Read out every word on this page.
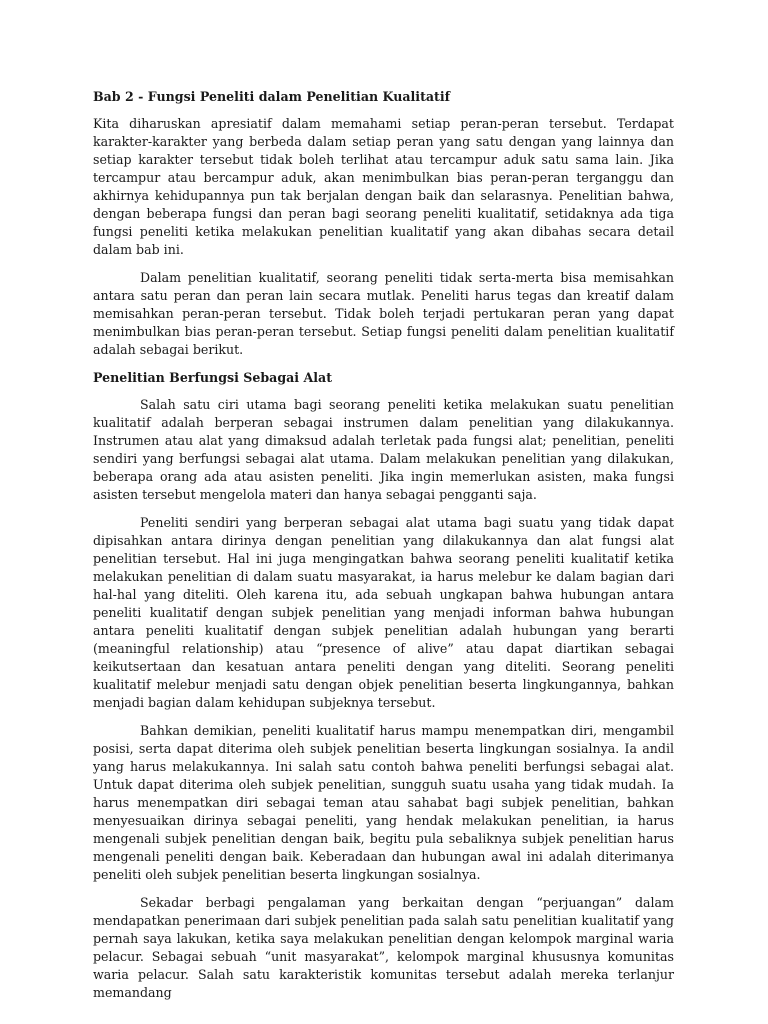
Bab 2 - Fungsi Peneliti dalam Penelitian Kualitatif

Kita diharuskan apresiatif dalam memahami setiap peran-peran tersebut. Terdapat karakter-karakter yang berbeda dalam setiap peran yang satu dengan yang lainnya dan setiap karakter tersebut tidak boleh terlihat atau tercampur aduk satu sama lain. Jika tercampur atau bercampur aduk, akan menimbulkan bias peran-peran terganggu dan akhirnya kehidupannya pun tak berjalan dengan baik dan selarasnya. Penelitian bahwa, dengan beberapa fungsi dan peran bagi seorang peneliti kualitatif, setidaknya ada tiga fungsi peneliti ketika melakukan penelitian kualitatif yang akan dibahas secara detail dalam bab ini.

Dalam penelitian kualitatif, seorang peneliti tidak serta-merta bisa memisahkan antara satu peran dan peran lain secara mutlak. Peneliti harus tegas dan kreatif dalam memisahkan peran-peran tersebut. Tidak boleh terjadi pertukaran peran yang dapat menimbulkan bias peran-peran tersebut. Setiap fungsi peneliti dalam penelitian kualitatif adalah sebagai berikut.

Penelitian Berfungsi Sebagai Alat

Salah satu ciri utama bagi seorang peneliti ketika melakukan suatu penelitian kualitatif adalah berperan sebagai instrumen dalam penelitian yang dilakukannya. Instrumen atau alat yang dimaksud adalah terletak pada fungsi alat; penelitian, peneliti sendiri yang berfungsi sebagai alat utama. Dalam melakukan penelitian yang dilakukan, beberapa orang ada atau asisten peneliti. Jika ingin memerlukan asisten, maka fungsi asisten tersebut mengelola materi dan hanya sebagai pengganti saja.

Peneliti sendiri yang berperan sebagai alat utama bagi suatu yang tidak dapat dipisahkan antara dirinya dengan penelitian yang dilakukannya dan alat fungsi alat penelitian tersebut. Hal ini juga mengingatkan bahwa seorang peneliti kualitatif ketika melakukan penelitian di dalam suatu masyarakat, ia harus melebur ke dalam bagian dari hal-hal yang diteliti. Oleh karena itu, ada sebuah ungkapan bahwa hubungan antara peneliti kualitatif dengan subjek penelitian yang menjadi informan bahwa hubungan antara peneliti kualitatif dengan subjek penelitian adalah hubungan yang berarti (meaningful relationship) atau “presence of alive” atau dapat diartikan sebagai keikutsertaan dan kesatuan antara peneliti dengan yang diteliti. Seorang peneliti kualitatif melebur menjadi satu dengan objek penelitian beserta lingkungannya, bahkan menjadi bagian dalam kehidupan subjeknya tersebut.

Bahkan demikian, peneliti kualitatif harus mampu menempatkan diri, mengambil posisi, serta dapat diterima oleh subjek penelitian beserta lingkungan sosialnya. Ia andil yang harus melakukannya. Ini salah satu contoh bahwa peneliti berfungsi sebagai alat. Untuk dapat diterima oleh subjek penelitian, sungguh suatu usaha yang tidak mudah. Ia harus menempatkan diri sebagai teman atau sahabat bagi subjek penelitian, bahkan menyesuaikan dirinya sebagai peneliti, yang hendak melakukan penelitian, ia harus mengenali subjek penelitian dengan baik, begitu pula sebaliknya subjek penelitian harus mengenali peneliti dengan baik. Keberadaan dan hubungan awal ini adalah diterimanya peneliti oleh subjek penelitian beserta lingkungan sosialnya.

Sekadar berbagi pengalaman yang berkaitan dengan “perjuangan” dalam mendapatkan penerimaan dari subjek penelitian pada salah satu penelitian kualitatif yang pernah saya lakukan, ketika saya melakukan penelitian dengan kelompok marginal waria pelacur. Sebagai sebuah “unit masyarakat”, kelompok marginal khususnya komunitas waria pelacur. Salah satu karakteristik komunitas tersebut adalah mereka terlanjur memandang
